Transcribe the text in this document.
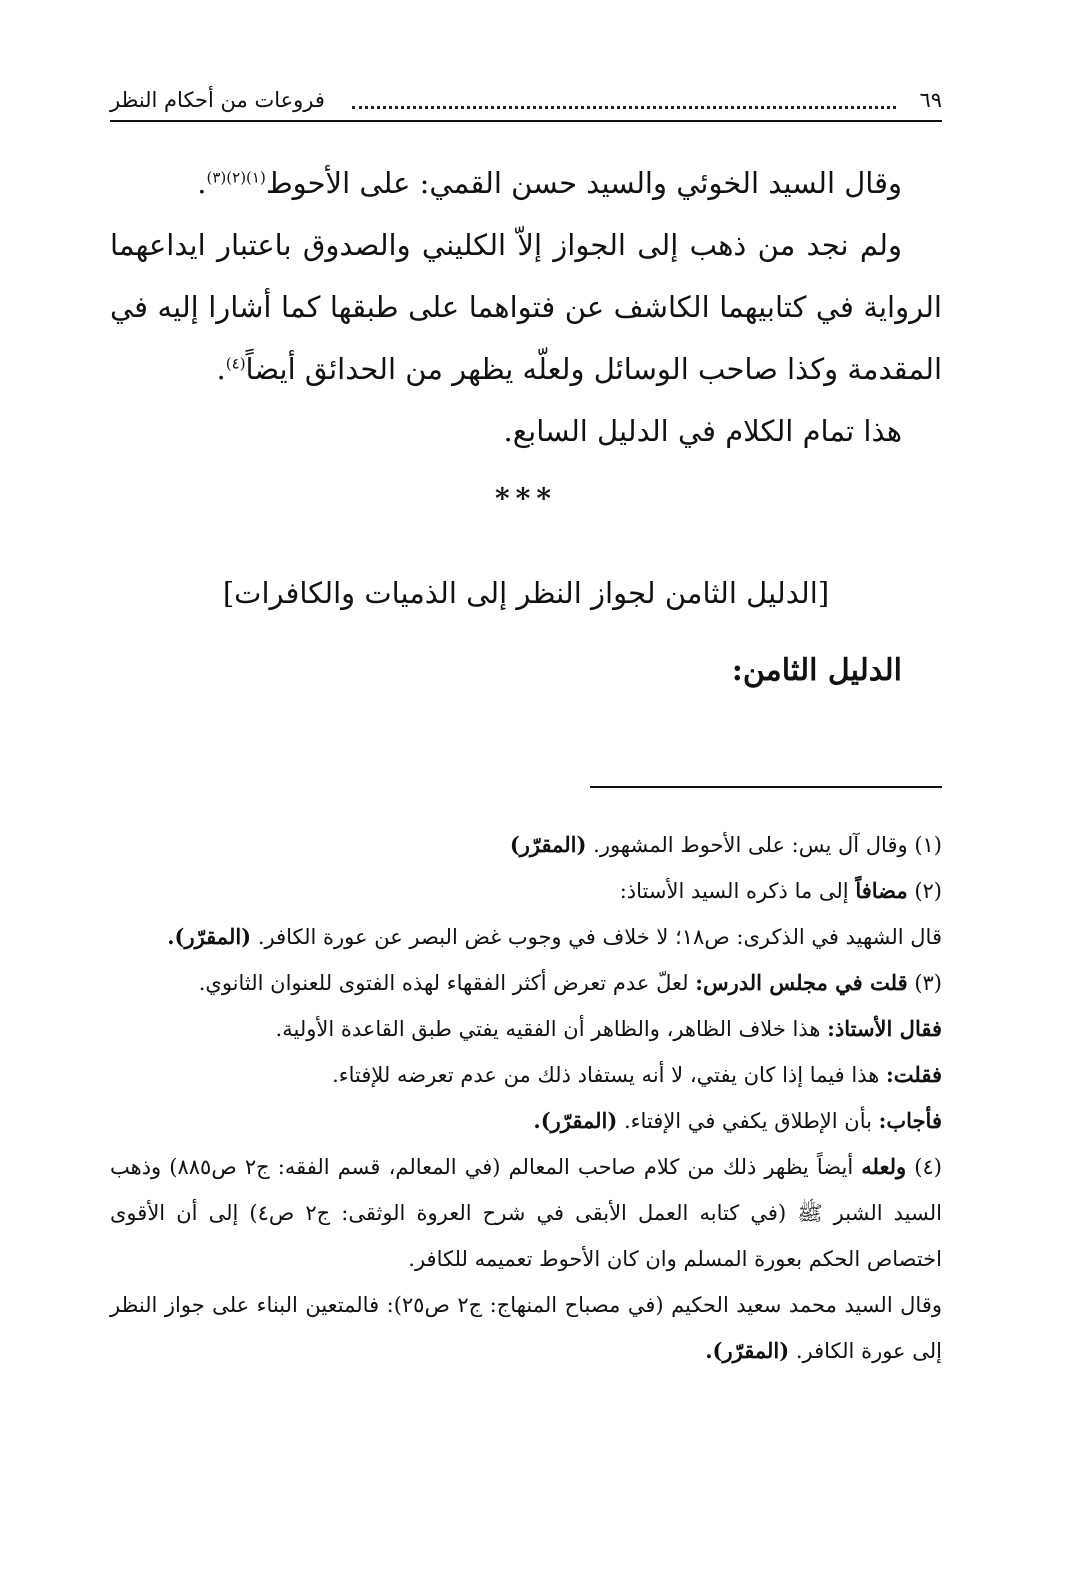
٦٩
فروعات من أحكام النظر

وقال السيد الخوئي والسيد حسن القمي: على الأحوط$^{(١)(٢)(٣)}$.

ولم نجد من ذهب إلى الجواز إلاّ الكليني والصدوق باعتبار ايداعهما الرواية في كتابيهما الكاشف عن فتواهما على طبقها كما أشارا إليه في المقدمة وكذا صاحب الوسائل ولعلّه يظهر من الحدائق أيضاً$^{(٤)}$.

هذا تمام الكلام في الدليل السابع.

***
[الدليل الثامن لجواز النظر إلى الذميات والكافرات]
الدليل الثامن:

(١) وقال آل يس: على الأحوط المشهور. (المقرّر)

(٢) مضافاً إلى ما ذكره السيد الأستاذ:

قال الشهيد في الذكرى: ص١٨؛ لا خلاف في وجوب غض البصر عن عورة الكافر. (المقرّر).

(٣) قلت في مجلس الدرس: لعلّ عدم تعرض أكثر الفقهاء لهذه الفتوى للعنوان الثانوي.

فقال الأستاذ: هذا خلاف الظاهر، والظاهر أن الفقيه يفتي طبق القاعدة الأولية.

فقلت: هذا فيما إذا كان يفتي، لا أنه يستفاد ذلك من عدم تعرضه للإفتاء.

فأجاب: بأن الإطلاق يكفي في الإفتاء. (المقرّر).

(٤) ولعله أيضاً يظهر ذلك من كلام صاحب المعالم (في المعالم، قسم الفقه: ج٢ ص٨٨٥) وذهب السيد الشبر ﷺ (في كتابه العمل الأبقى في شرح العروة الوثقى: ج٢ ص٤) إلى أن الأقوى اختصاص الحكم بعورة المسلم وان كان الأحوط تعميمه للكافر.

وقال السيد محمد سعيد الحكيم (في مصباح المنهاج: ج٢ ص٢٥): فالمتعين البناء على جواز النظر إلى عورة الكافر. (المقرّر).
